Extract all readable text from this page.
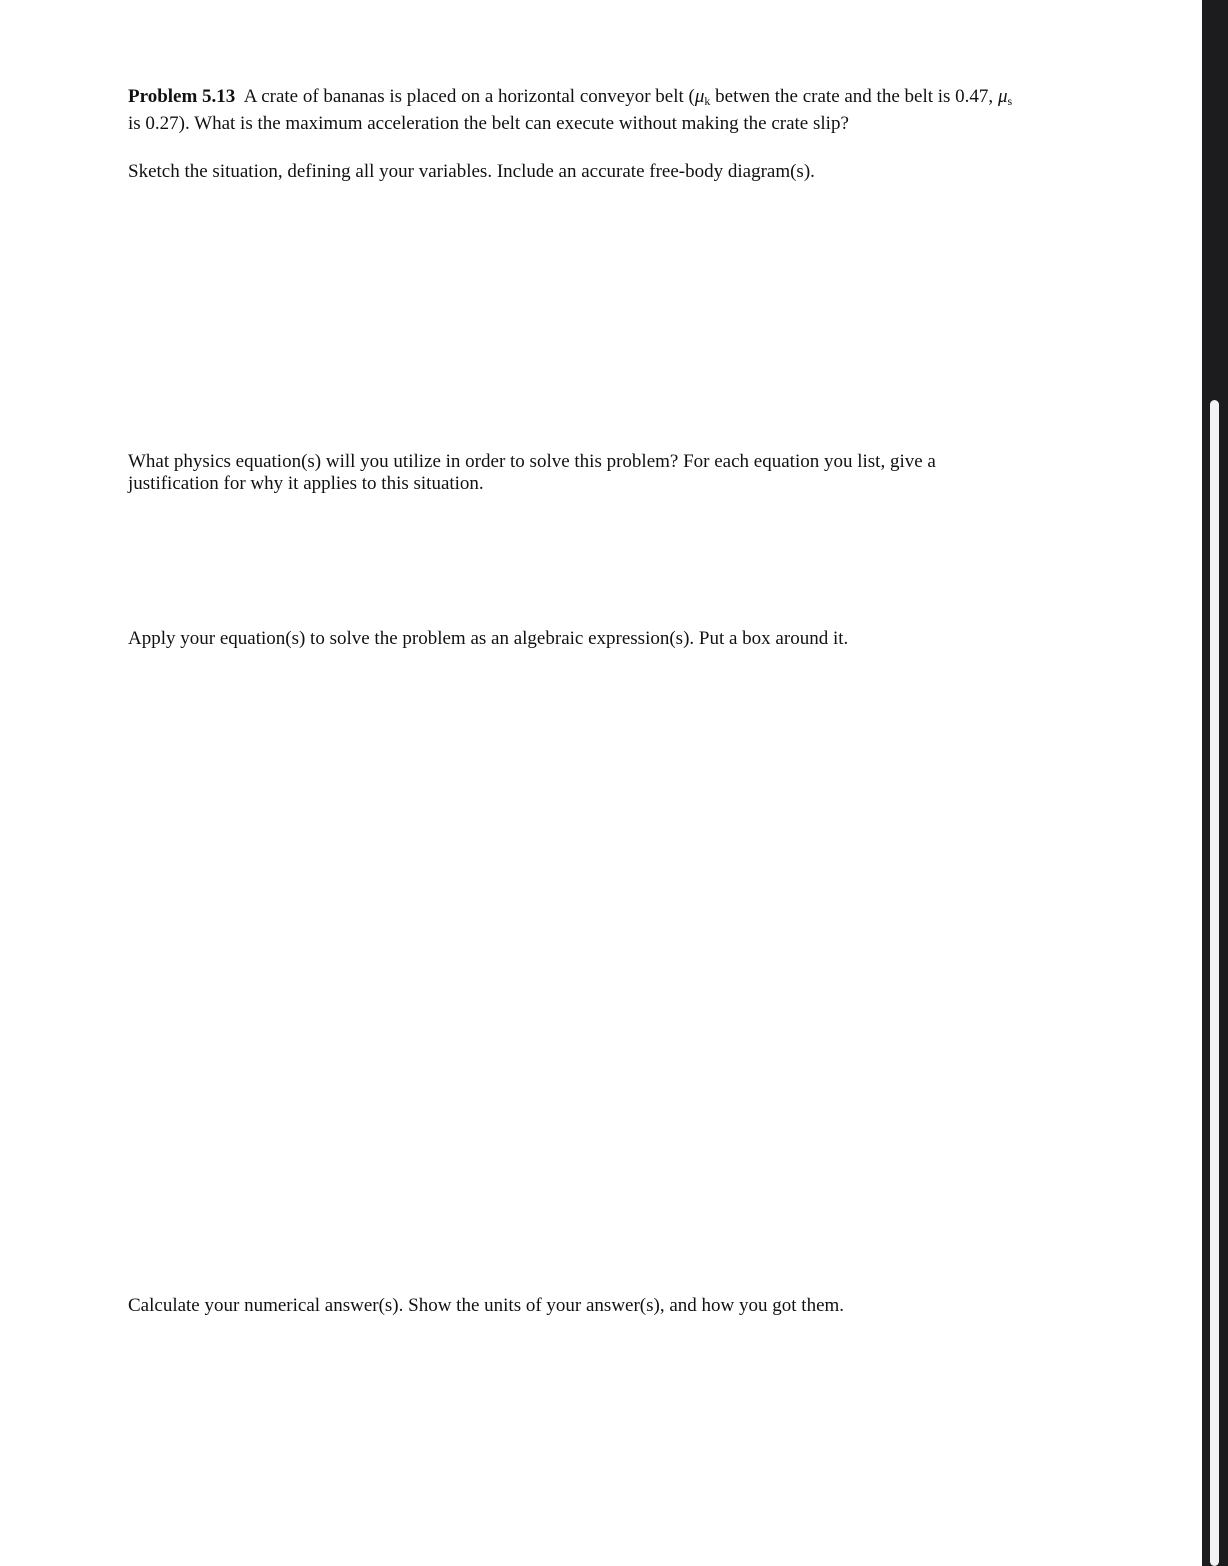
Problem 5.13 A crate of bananas is placed on a horizontal conveyor belt ($\mu_k$ betwen the crate and the belt is 0.47, $\mu_s$ is 0.27). What is the maximum acceleration the belt can execute without making the crate slip?

Sketch the situation, defining all your variables. Include an accurate free-body diagram(s).

What physics equation(s) will you utilize in order to solve this problem? For each equation you list, give a justification for why it applies to this situation.

Apply your equation(s) to solve the problem as an algebraic expression(s). Put a box around it.

Calculate your numerical answer(s). Show the units of your answer(s), and how you got them.
